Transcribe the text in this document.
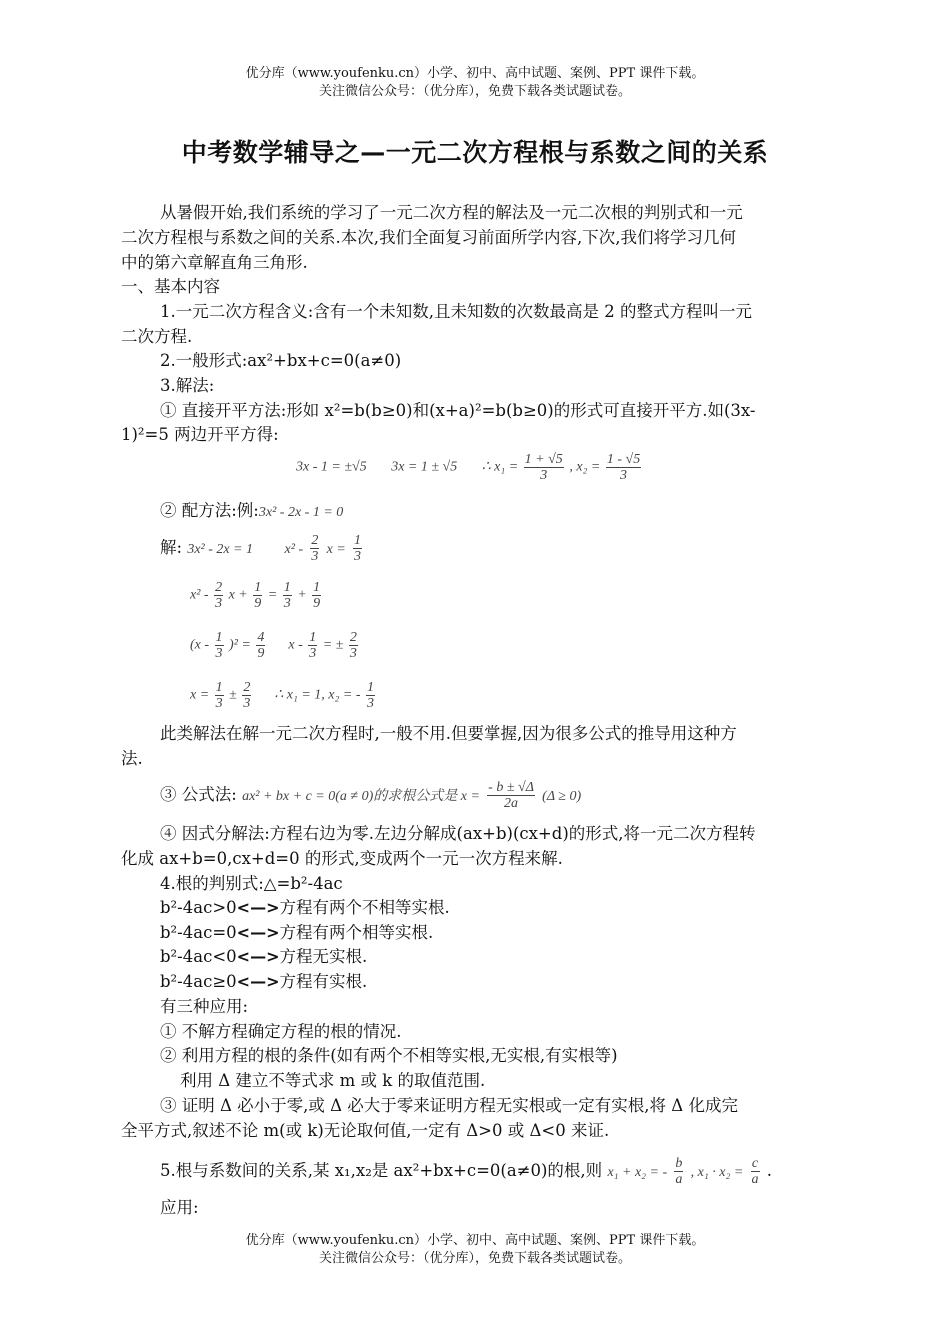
优分库（www.youfenku.cn）小学、初中、高中试题、案例、PPT 课件下载。
关注微信公众号：（优分库），免费下载各类试题试卷。
中考数学辅导之—一元二次方程根与系数之间的关系
从暑假开始,我们系统的学习了一元二次方程的解法及一元二次根的判别式和一元
二次方程根与系数之间的关系.本次,我们全面复习前面所学内容,下次,我们将学习几何
中的第六章解直角三角形.
一、基本内容
1.一元二次方程含义:含有一个未知数,且未知数的次数最高是 2 的整式方程叫一元
二次方程.
2.一般形式:ax²+bx+c=0(a≠0)
3.解法:
① 直接开平方法:形如 x²=b(b≥0)和(x+a)²=b(b≥0)的形式可直接开平方.如(3x-
1)²=5 两边开平方得:
3x - 1 = ±√5 3x = 1 ± √5 ∴ $x_1 = \frac{1 + √5}{3}$ , $x_2 = \frac{1 - √5}{3}$
② 配方法:例:3x² - 2x - 1 = 0
解: 3x² - 2x = 1 $x^2 - \frac{2}{3}$ $x = \frac{1}{3}$
$x^2 - \frac{2}{3}$ $x + \frac{1}{9} = \frac{1}{3} + \frac{1}{9}$
$(x - \frac{1}{3} )^2 = \frac{4}{9}$ x - $\frac{1}{3}$ = ± $\frac{2}{3}$
$x = \frac{1}{3} \pm \frac{2}{3}$ ∴ x₁ = 1, x₂ = - $\frac{1}{3}$
此类解法在解一元二次方程时,一般不用.但要掌握,因为很多公式的推导用这种方
法.
③ 公式法: ax² + bx + c = 0(a ≠ 0)的求根公式是 $x = \frac{- b \pm √\Delta}{2a} (\Delta \ge 0)$
④ 因式分解法:方程右边为零.左边分解成(ax+b)(cx+d)的形式,将一元二次方程转
化成 ax+b=0,cx+d=0 的形式,变成两个一元一次方程来解.
4.根的判别式:△=b²-4ac
b²-4ac>0<—>方程有两个不相等实根.
b²-4ac=0<—>方程有两个相等实根.
b²-4ac<0<—>方程无实根.
b²-4ac≥0<—>方程有实根.
有三种应用:
① 不解方程确定方程的根的情况.
② 利用方程的根的条件(如有两个不相等实根,无实根,有实根等)
利用 Δ 建立不等式求 m 或 k 的取值范围.
③ 证明 Δ 必小于零,或 Δ 必大于零来证明方程无实根或一定有实根,将 Δ 化成完
全平方式,叙述不论 m(或 k)无论取何值,一定有 Δ>0 或 Δ<0 来证.
5.根与系数间的关系,某 x₁,x₂是 ax²+bx+c=0(a≠0)的根,则 x₁ + x₂ = - $\frac{b}{a}$ , $x_1 \cdot x_2 = \frac{c}{a}$ .
应用:
优分库（www.youfenku.cn）小学、初中、高中试题、案例、PPT 课件下载。
关注微信公众号：（优分库），免费下载各类试题试卷。
